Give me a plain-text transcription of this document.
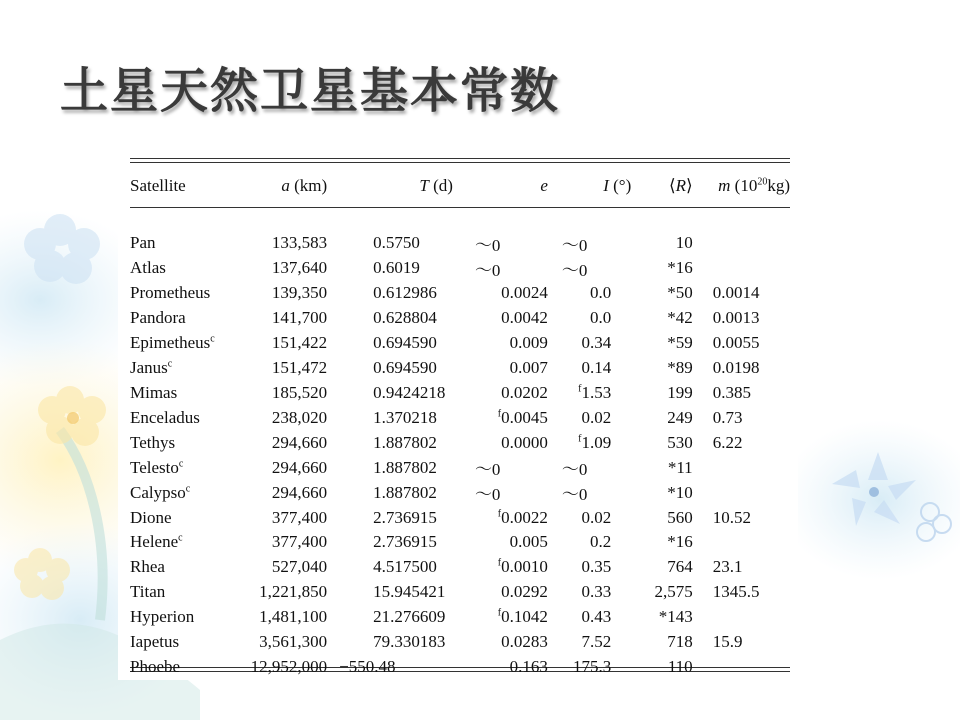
土星天然卫星基本常数
Satellite	a (km)	T (d)	e	I (°)	⟨R⟩	m $(10^{20}kg)$

Pan	133,583	0.5750	～0	～0	10	
Atlas	137,640	0.6019	～0	～0	*16	
Prometheus	139,350	0.612986	0.0024	0.0	*50	0.0014
Pandora	141,700	0.628804	0.0042	0.0	*42	0.0013
Epimetheus$^c$	151,422	0.694590	0.009	0.34	*59	0.0055
Janus$^c$	151,472	0.694590	0.007	0.14	*89	0.0198
Mimas	185,520	0.9424218	0.0202	$^f$1.53	199	0.385
Enceladus	238,020	1.370218	$^f$0.0045	0.02	249	0.73
Tethys	294,660	1.887802	0.0000	$^f$1.09	530	6.22
Telesto$^c$	294,660	1.887802	～0	～0	*11	
Calypso$^c$	294,660	1.887802	～0	～0	*10	
Dione	377,400	2.736915	$^f$0.0022	0.02	560	10.52
Helene$^c$	377,400	2.736915	0.005	0.2	*16	
Rhea	527,040	4.517500	$^f$0.0010	0.35	764	23.1
Titan	1,221,850	15.945421	0.0292	0.33	2,575	1345.5
Hyperion	1,481,100	21.276609	$^f$0.1042	0.43	*143	
Iapetus	3,561,300	79.330183	0.0283	7.52	718	15.9
Phoebe	12,952,000	−550.48	0.163	175.3	110	
